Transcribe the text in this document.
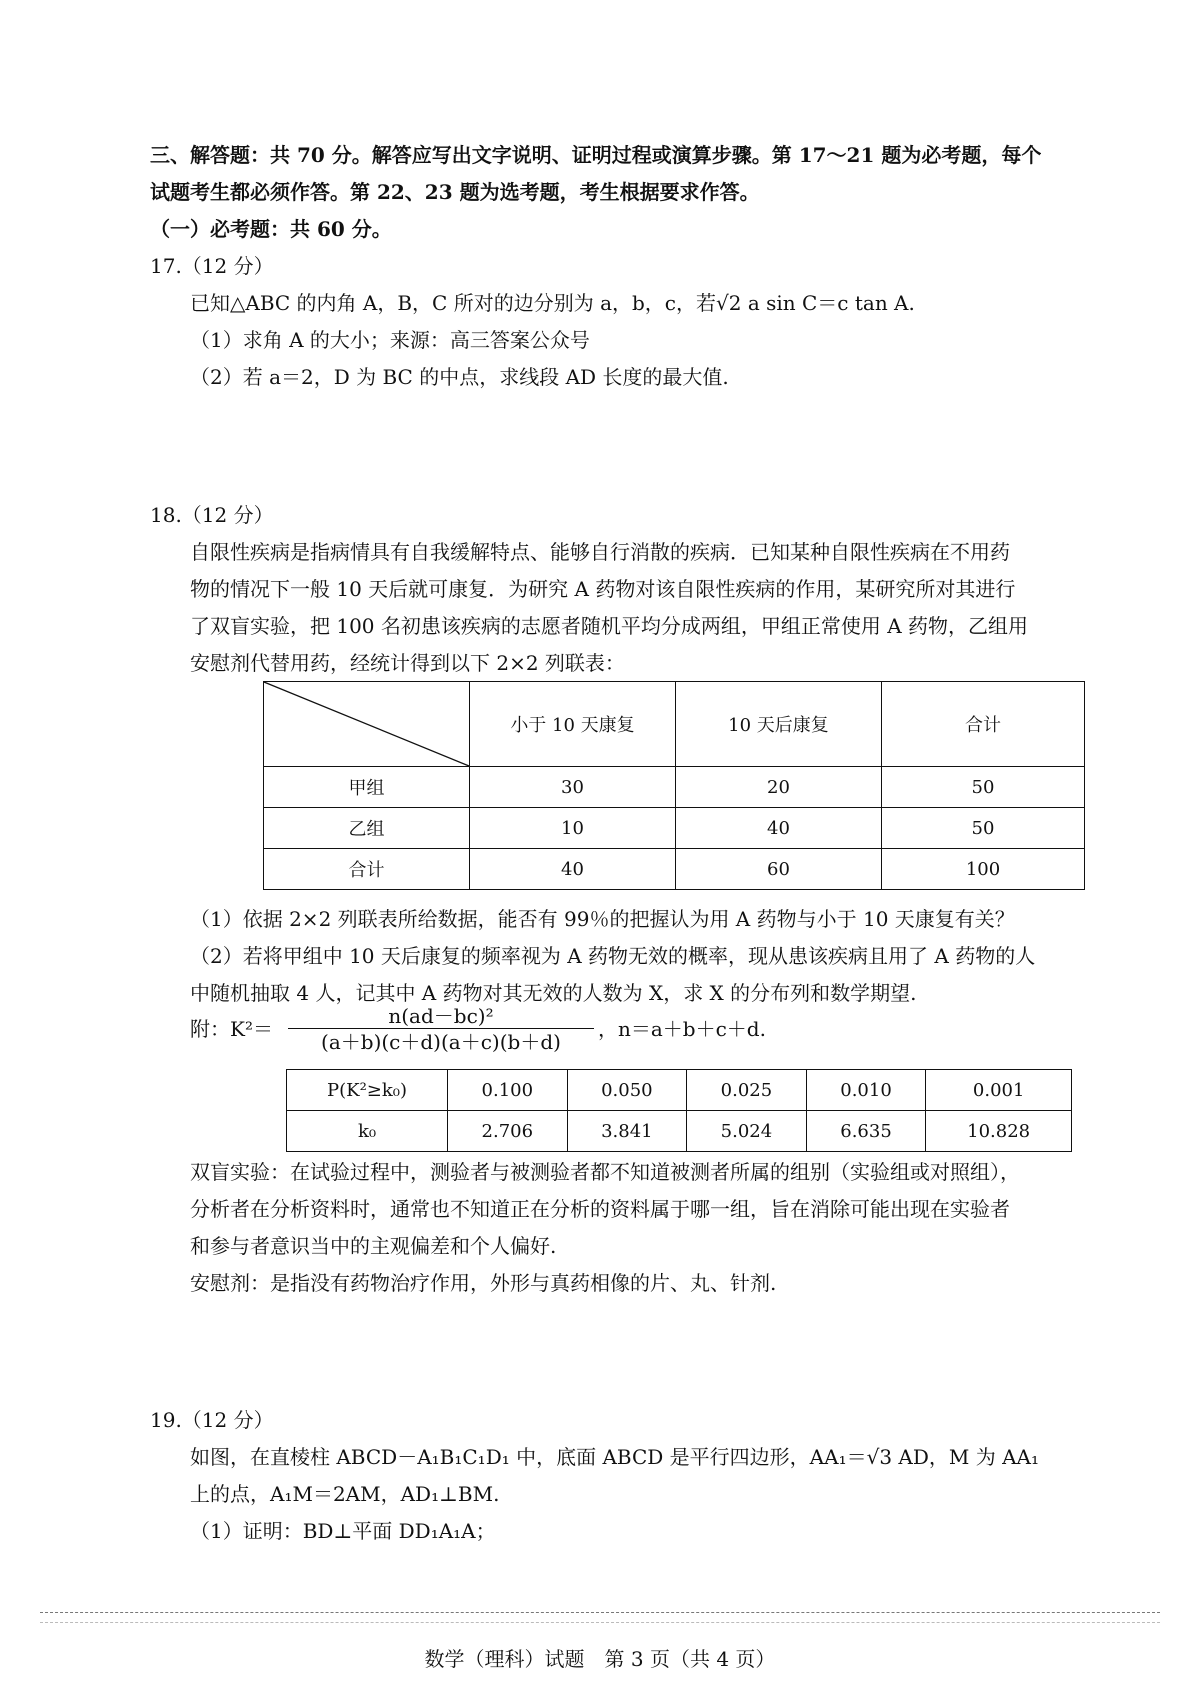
三、解答题：共 70 分。解答应写出文字说明、证明过程或演算步骤。第 17～21 题为必考题，每个
试题考生都必须作答。第 22、23 题为选考题，考生根据要求作答。
（一）必考题：共 60 分。
17.（12 分）
已知△ABC 的内角 A，B，C 所对的边分别为 a，b，c，若√2 a sin C＝c tan A.
（1）求角 A 的大小；来源：高三答案公众号
（2）若 a＝2，D 为 BC 的中点，求线段 AD 长度的最大值.
18.（12 分）
自限性疾病是指病情具有自我缓解特点、能够自行消散的疾病．已知某种自限性疾病在不用药
物的情况下一般 10 天后就可康复．为研究 A 药物对该自限性疾病的作用，某研究所对其进行
了双盲实验，把 100 名初患该疾病的志愿者随机平均分成两组，甲组正常使用 A 药物，乙组用
安慰剂代替用药，经统计得到以下 2×2 列联表：
	小于 10 天康复	10 天后康复	合计
甲组	30	20	50
乙组	10	40	50
合计	40	60	100
（1）依据 2×2 列联表所给数据，能否有 99％的把握认为用 A 药物与小于 10 天康复有关？
（2）若将甲组中 10 天后康复的频率视为 A 药物无效的概率，现从患该疾病且用了 A 药物的人
中随机抽取 4 人，记其中 A 药物对其无效的人数为 X，求 X 的分布列和数学期望.
附：K²＝
n(ad－bc)²
(a＋b)(c＋d)(a＋c)(b＋d)
，n＝a＋b＋c＋d.
P(K²≥k₀)	0.100	0.050	0.025	0.010	0.001
k₀	2.706	3.841	5.024	6.635	10.828
双盲实验：在试验过程中，测验者与被测验者都不知道被测者所属的组别（实验组或对照组），
分析者在分析资料时，通常也不知道正在分析的资料属于哪一组，旨在消除可能出现在实验者
和参与者意识当中的主观偏差和个人偏好.
安慰剂：是指没有药物治疗作用，外形与真药相像的片、丸、针剂.
19.（12 分）
如图，在直棱柱 ABCD－A₁B₁C₁D₁ 中，底面 ABCD 是平行四边形，AA₁＝√3 AD，M 为 AA₁
上的点，A₁M＝2AM，AD₁⊥BM.
（1）证明：BD⊥平面 DD₁A₁A；
数学（理科）试题　第 3 页（共 4 页）
